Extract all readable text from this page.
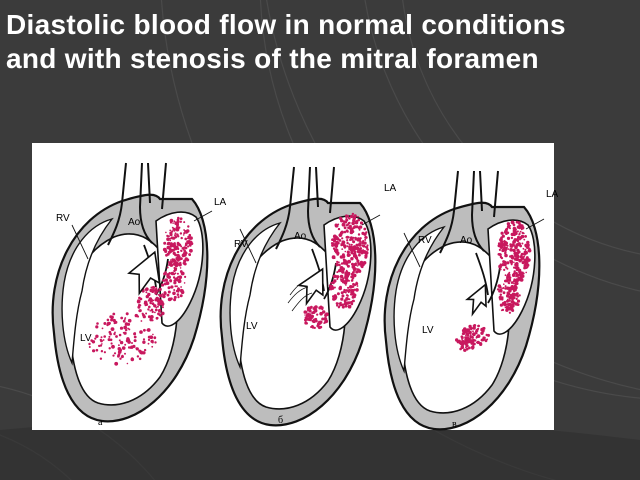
Diastolic blood flow in normal conditions and with stenosis of the mitral foramen
RV
LA
Ao
LV
a
RV
LA
Ao
LV
б
RV
LA
Ao
LV
в
